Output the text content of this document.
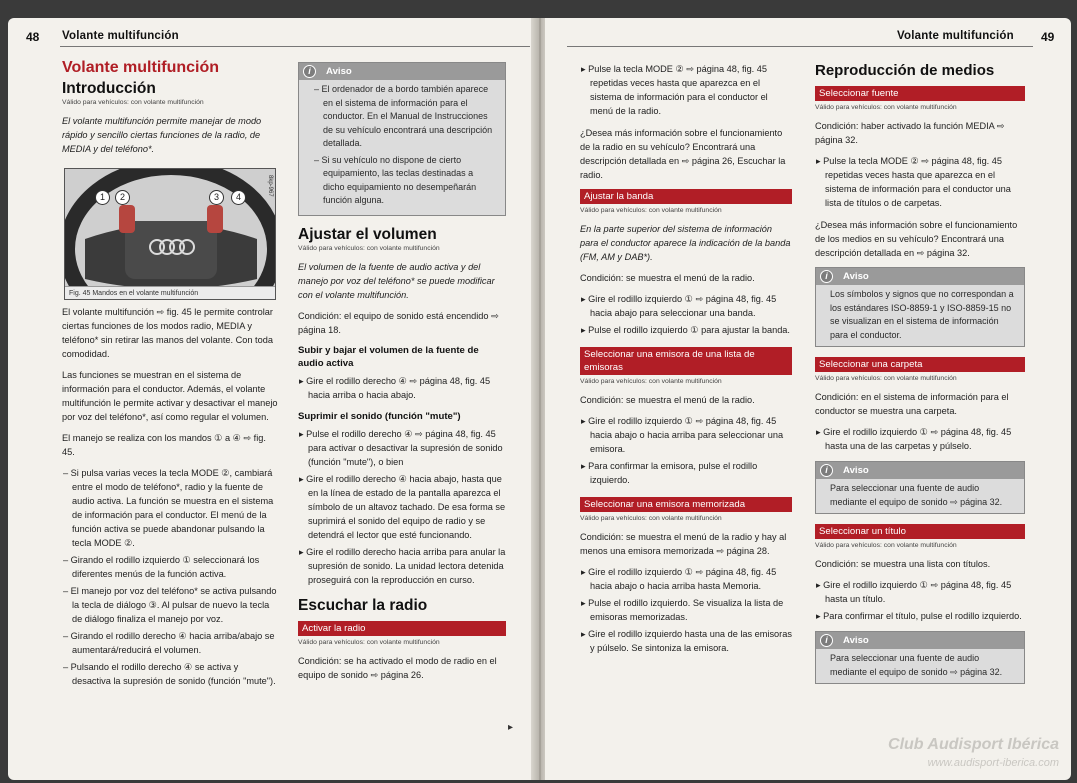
48 Volante multifunción
Volante multifunción
Introducción
Válido para vehículos: con volante multifunción

El volante multifunción permite manejar de modo rápido y sencillo ciertas funciones de la radio, de MEDIA y del teléfono*.

El volante multifunción ⇨ fig. 45 le permite controlar ciertas funciones de los modos radio, MEDIA y teléfono* sin retirar las manos del volante. Con toda comodidad.

Las funciones se muestran en el sistema de información para el conductor. Además, el volante multifunción le permite activar y desactivar el manejo por voz del teléfono*, así como regular el volumen.

El manejo se realiza con los mandos ① a ④ ⇨ fig. 45.

– Si pulsa varias veces la tecla MODE ②, cambiará entre el modo de teléfono*, radio y la fuente de audio activa. La función se muestra en el sistema de información para el conductor. El menú de la función activa se puede abandonar pulsando la tecla MODE ②.
– Girando el rodillo izquierdo ① seleccionará los diferentes menús de la función activa.
– El manejo por voz del teléfono* se activa pulsando la tecla de diálogo ③. Al pulsar de nuevo la tecla de diálogo finaliza el manejo por voz.
– Girando el rodillo derecho ④ hacia arriba/abajo se aumentará/reducirá el volumen.
– Pulsando el rodillo derecho ④ se activa y desactiva la supresión de sonido (función "mute").
1	2	3	4
8kp-967
Fig. 45 Mandos en el volante multifunción
i	Aviso
– El ordenador de a bordo también aparece en el sistema de información para el conductor. En el Manual de Instrucciones de su vehículo encontrará una descripción detallada.
– Si su vehículo no dispone de cierto equipamiento, las teclas destinadas a dicho equipamiento no desempeñarán función alguna.
Ajustar el volumen
Válido para vehículos: con volante multifunción

El volumen de la fuente de audio activa y del manejo por voz del teléfono* se puede modificar con el volante multifunción.

Condición: el equipo de sonido está encendido ⇨ página 18.

Subir y bajar el volumen de la fuente de audio activa
▸ Gire el rodillo derecho ④ ⇨ página 48, fig. 45 hacia arriba o hacia abajo.
Suprimir el sonido (función "mute")
▸ Pulse el rodillo derecho ④ ⇨ página 48, fig. 45 para activar o desactivar la supresión de sonido (función "mute"), o bien
▸ Gire el rodillo derecho ④ hacia abajo, hasta que en la línea de estado de la pantalla aparezca el símbolo de un altavoz tachado. De esa forma se suprimirá el sonido del equipo de radio y se detendrá el lector que esté funcionando.
▸ Gire el rodillo derecho hacia arriba para anular la supresión de sonido. La unidad lectora detenida proseguirá con la reproducción en curso.
Escuchar la radio
Activar la radio
Válido para vehículos: con volante multifunción

Condición: se ha activado el modo de radio en el equipo de sonido ⇨ página 26.

▸
Volante multifunción 49
▸ Pulse la tecla MODE ② ⇨ página 48, fig. 45 repetidas veces hasta que aparezca en el sistema de información para el conductor el menú de la radio.

¿Desea más información sobre el funcionamiento de la radio en su vehículo? Encontrará una descripción detallada en ⇨ página 26, Escuchar la radio.

Ajustar la banda
Válido para vehículos: con volante multifunción

En la parte superior del sistema de información para el conductor aparece la indicación de la banda (FM, AM y DAB*).

Condición: se muestra el menú de la radio.

▸ Gire el rodillo izquierdo ① ⇨ página 48, fig. 45 hacia abajo para seleccionar una banda.
▸ Pulse el rodillo izquierdo ① para ajustar la banda.
Seleccionar una emisora de una lista de emisoras
Válido para vehículos: con volante multifunción

Condición: se muestra el menú de la radio.

▸ Gire el rodillo izquierdo ① ⇨ página 48, fig. 45 hacia abajo o hacia arriba para seleccionar una emisora.
▸ Para confirmar la emisora, pulse el rodillo izquierdo.
Seleccionar una emisora memorizada
Válido para vehículos: con volante multifunción

Condición: se muestra el menú de la radio y hay al menos una emisora memorizada ⇨ página 28.

▸ Gire el rodillo izquierdo ① ⇨ página 48, fig. 45 hacia abajo o hacia arriba hasta Memoria.
▸ Pulse el rodillo izquierdo. Se visualiza la lista de emisoras memorizadas.
▸ Gire el rodillo izquierdo hasta una de las emisoras y púlselo. Se sintoniza la emisora.
Reproducción de medios
Seleccionar fuente
Válido para vehículos: con volante multifunción

Condición: haber activado la función MEDIA ⇨ página 32.

▸ Pulse la tecla MODE ② ⇨ página 48, fig. 45 repetidas veces hasta que aparezca en el sistema de información para el conductor una lista de títulos o de carpetas.

¿Desea más información sobre el funcionamiento de los medios en su vehículo? Encontrará una descripción detallada en ⇨ página 32.

i	Aviso
Los símbolos y signos que no correspondan a los estándares ISO-8859-1 y ISO-8859-15 no se visualizan en el sistema de información para el conductor.
Seleccionar una carpeta
Válido para vehículos: con volante multifunción

Condición: en el sistema de información para el conductor se muestra una carpeta.

▸ Gire el rodillo izquierdo ① ⇨ página 48, fig. 45 hasta una de las carpetas y púlselo.
i	Aviso
Para seleccionar una fuente de audio mediante el equipo de sonido ⇨ página 32.
Seleccionar un título
Válido para vehículos: con volante multifunción

Condición: se muestra una lista con títulos.

▸ Gire el rodillo izquierdo ① ⇨ página 48, fig. 45 hasta un título.
▸ Para confirmar el título, pulse el rodillo izquierdo.
i	Aviso
Para seleccionar una fuente de audio mediante el equipo de sonido ⇨ página 32.
Club Audisport Ibérica
www.audisport-iberica.com
